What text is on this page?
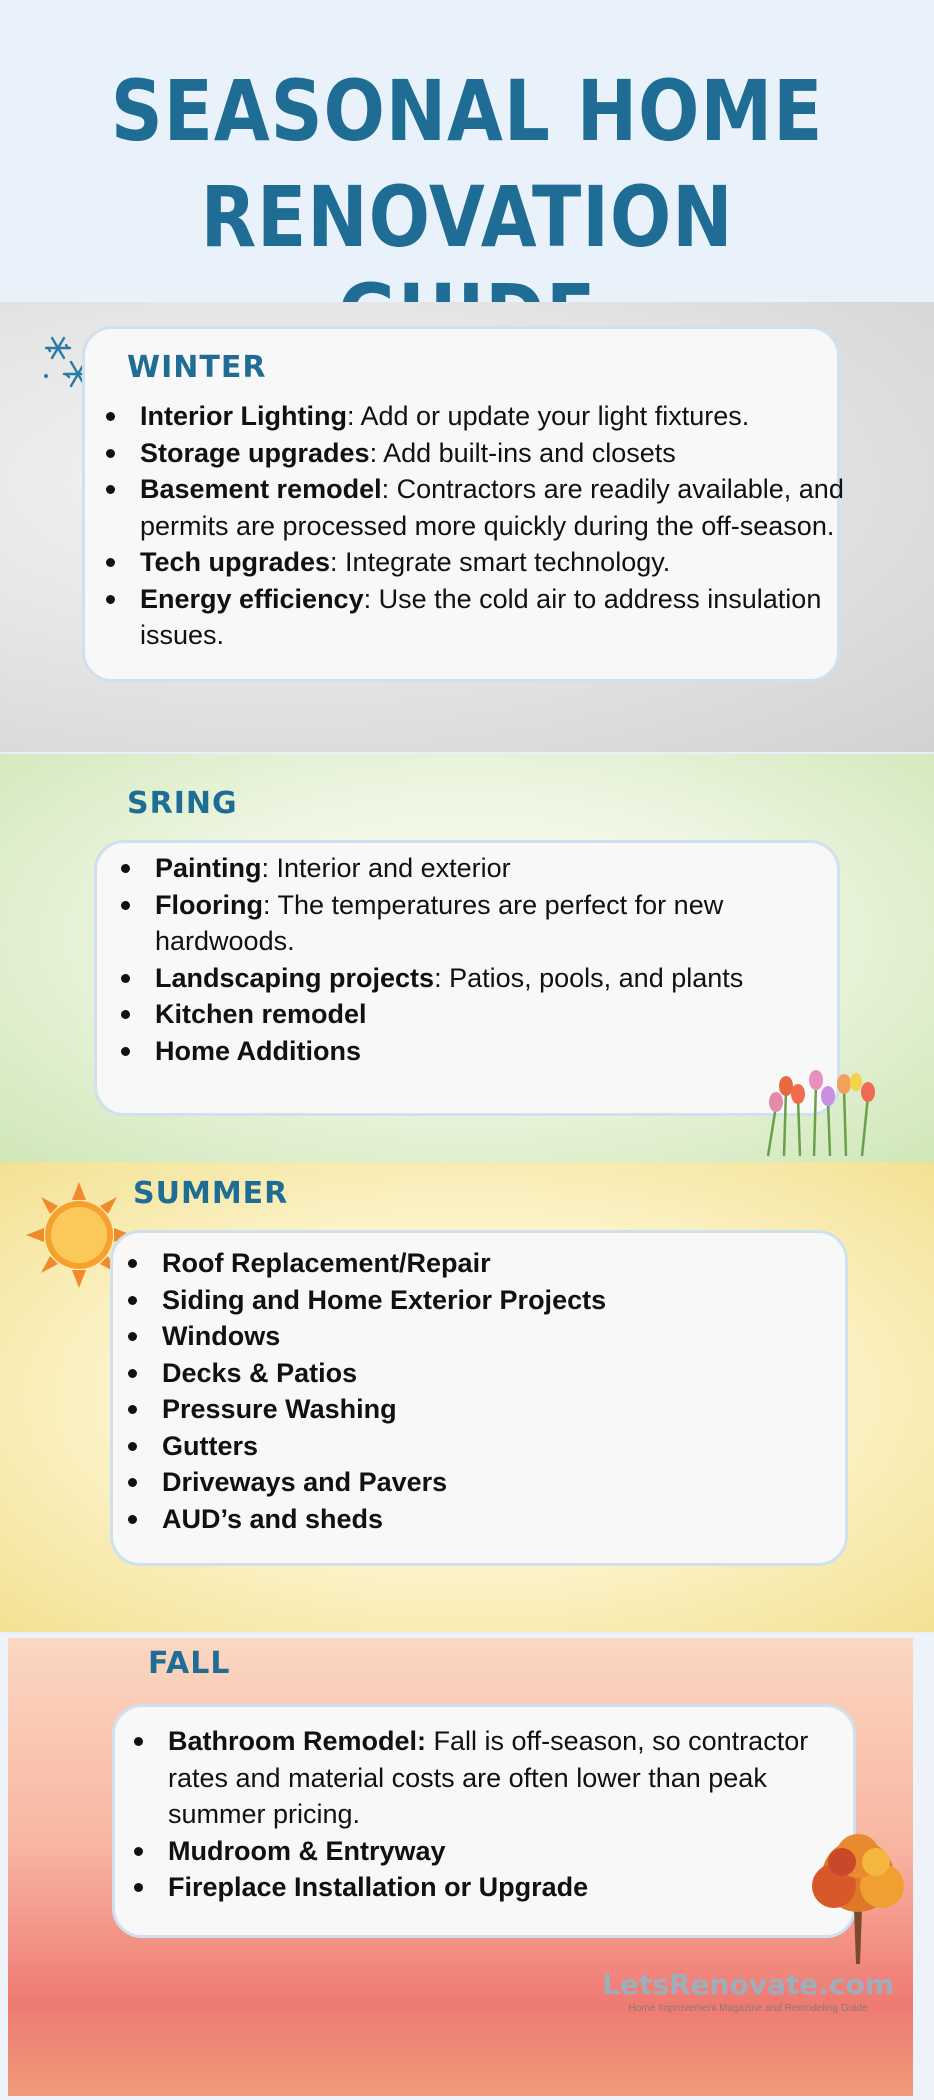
SEASONAL HOME
RENOVATION
WINTER
Interior Lighting: Add or update your light fixtures.
Storage upgrades: Add built-ins and closets
Basement remodel: Contractors are readily available, and permits are processed more quickly during the off-season.
Tech upgrades: Integrate smart technology.
Energy efficiency: Use the cold air to address insulation issues.
SRING
Painting: Interior and exterior
Flooring: The temperatures are perfect for new hardwoods.
Landscaping projects: Patios, pools, and plants
Kitchen remodel
Home Additions
SUMMER
Roof Replacement/Repair
Siding and Home Exterior Projects
Windows
Decks & Patios
Pressure Washing
Gutters
Driveways and Pavers
AUD’s and sheds
FALL
Bathroom Remodel: Fall is off-season, so contractor rates and material costs are often lower than peak summer pricing.
Mudroom & Entryway
Fireplace Installation or Upgrade
LetsRenovate.com
Home Improvement Magazine and Remodeling Guide
